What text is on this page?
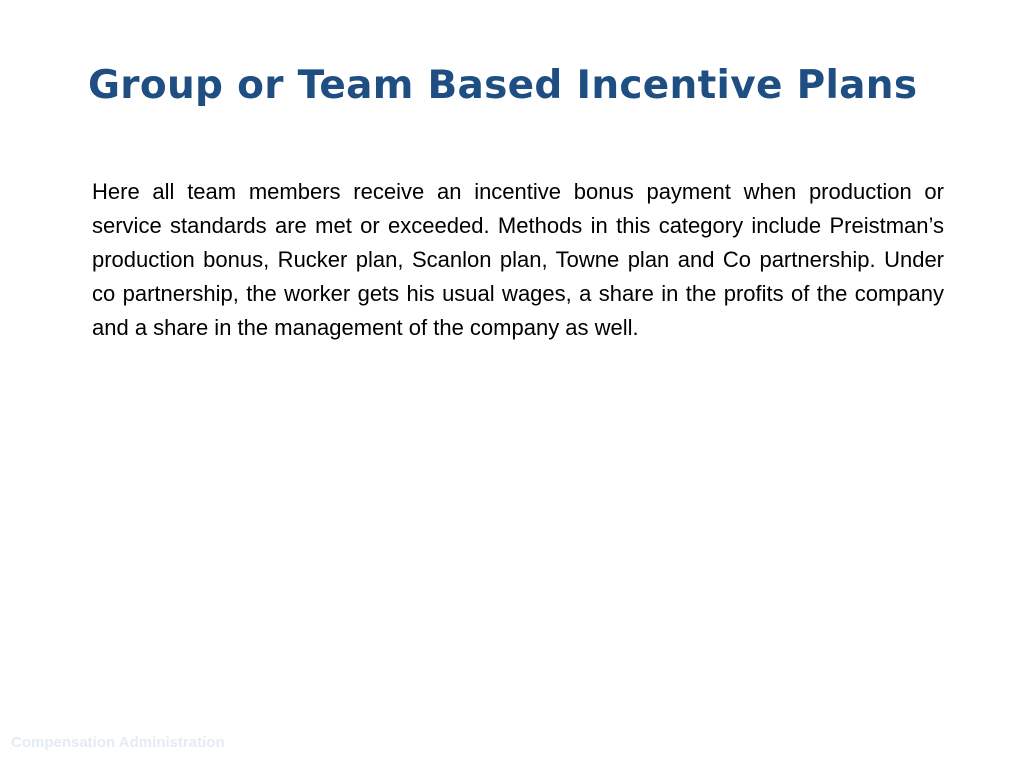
Group or Team Based Incentive Plans

Here all team members receive an incentive bonus payment when production or service standards are met or exceeded. Methods in this category include Preistman’s production bonus, Rucker plan, Scanlon plan, Towne plan and Co partnership. Under co partnership, the worker gets his usual wages, a share in the profits of the company and a share in the management of the company as well.

Compensation Administration
